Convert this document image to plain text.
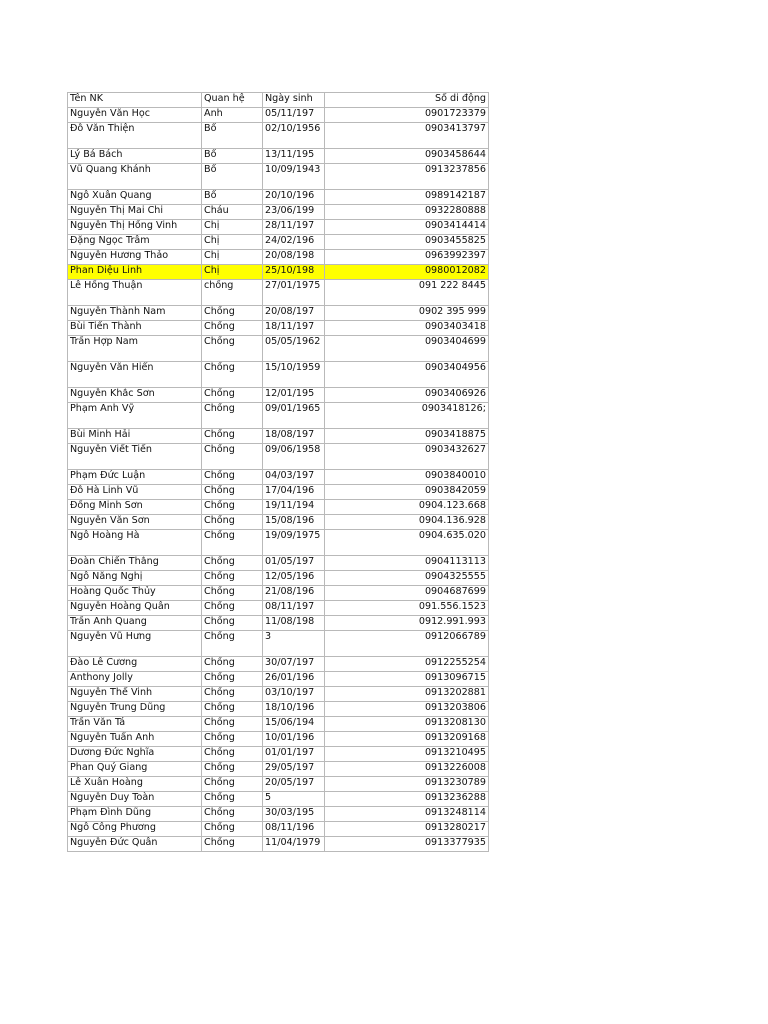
Tên NK	Quan hệ	Ngày sinh	Số di động
Nguyễn Văn Học	Anh	05/11/197	0901723379
Đỗ Văn Thiện	Bố	02/10/1956	0903413797
Lý Bá Bách	Bố	13/11/195	0903458644
Vũ Quang Khánh	Bố	10/09/1943	0913237856
Ngô Xuân Quang	Bố	20/10/196	0989142187
Nguyễn Thị Mai Chi	Cháu	23/06/199	0932280888
Nguyễn Thị Hồng Vinh	Chị	28/11/197	0903414414
Đặng Ngọc Trâm	Chị	24/02/196	0903455825
Nguyễn Hương Thảo	Chị	20/08/198	0963992397
Phan Diệu Linh	Chị	25/10/198	0980012082
Lê Hồng Thuận	chồng	27/01/1975	091 222 8445
Nguyễn Thành Nam	Chồng	20/08/197	0902 395 999
Bùi Tiến Thành	Chồng	18/11/197	0903403418
Trần Hợp Nam	Chồng	05/05/1962	0903404699
Nguyễn Văn Hiển	Chồng	15/10/1959	0903404956
Nguyễn Khắc Sơn	Chồng	12/01/195	0903406926
Phạm Anh Vỹ	Chồng	09/01/1965	0903418126;
Bùi Minh Hải	Chồng	18/08/197	0903418875
Nguyễn Viết Tiến	Chồng	09/06/1958	0903432627
Phạm Đức Luận	Chồng	04/03/197	0903840010
Đỗ Hà Linh Vũ	Chồng	17/04/196	0903842059
Đồng Minh Sơn	Chồng	19/11/194	0904.123.668
Nguyễn Văn Sơn	Chồng	15/08/196	0904.136.928
Ngô Hoàng Hà	Chồng	19/09/1975	0904.635.020
Đoàn Chiến Thắng	Chồng	01/05/197	0904113113
Ngô Năng Nghị	Chồng	12/05/196	0904325555
Hoàng Quốc Thủy	Chồng	21/08/196	0904687699
Nguyễn Hoàng Quân	Chồng	08/11/197	091.556.1523
Trần Anh Quang	Chồng	11/08/198	0912.991.993
Nguyễn Vũ Hưng	Chồng	3	0912066789
Đào Lê Cương	Chồng	30/07/197	0912255254
Anthony Jolly	Chồng	26/01/196	0913096715
Nguyễn Thế Vinh	Chồng	03/10/197	0913202881
Nguyễn Trung Dũng	Chồng	18/10/196	0913203806
Trần Văn Tá	Chồng	15/06/194	0913208130
Nguyễn Tuấn Anh	Chồng	10/01/196	0913209168
Dương Đức Nghĩa	Chồng	01/01/197	0913210495
Phan Quý Giang	Chồng	29/05/197	0913226008
Lê Xuân Hoàng	Chồng	20/05/197	0913230789
Nguyễn Duy Toàn	Chồng	5	0913236288
Phạm Đình Dũng	Chồng	30/03/195	0913248114
Ngô Công Phương	Chồng	08/11/196	0913280217
Nguyễn Đức Quân	Chồng	11/04/1979	0913377935
